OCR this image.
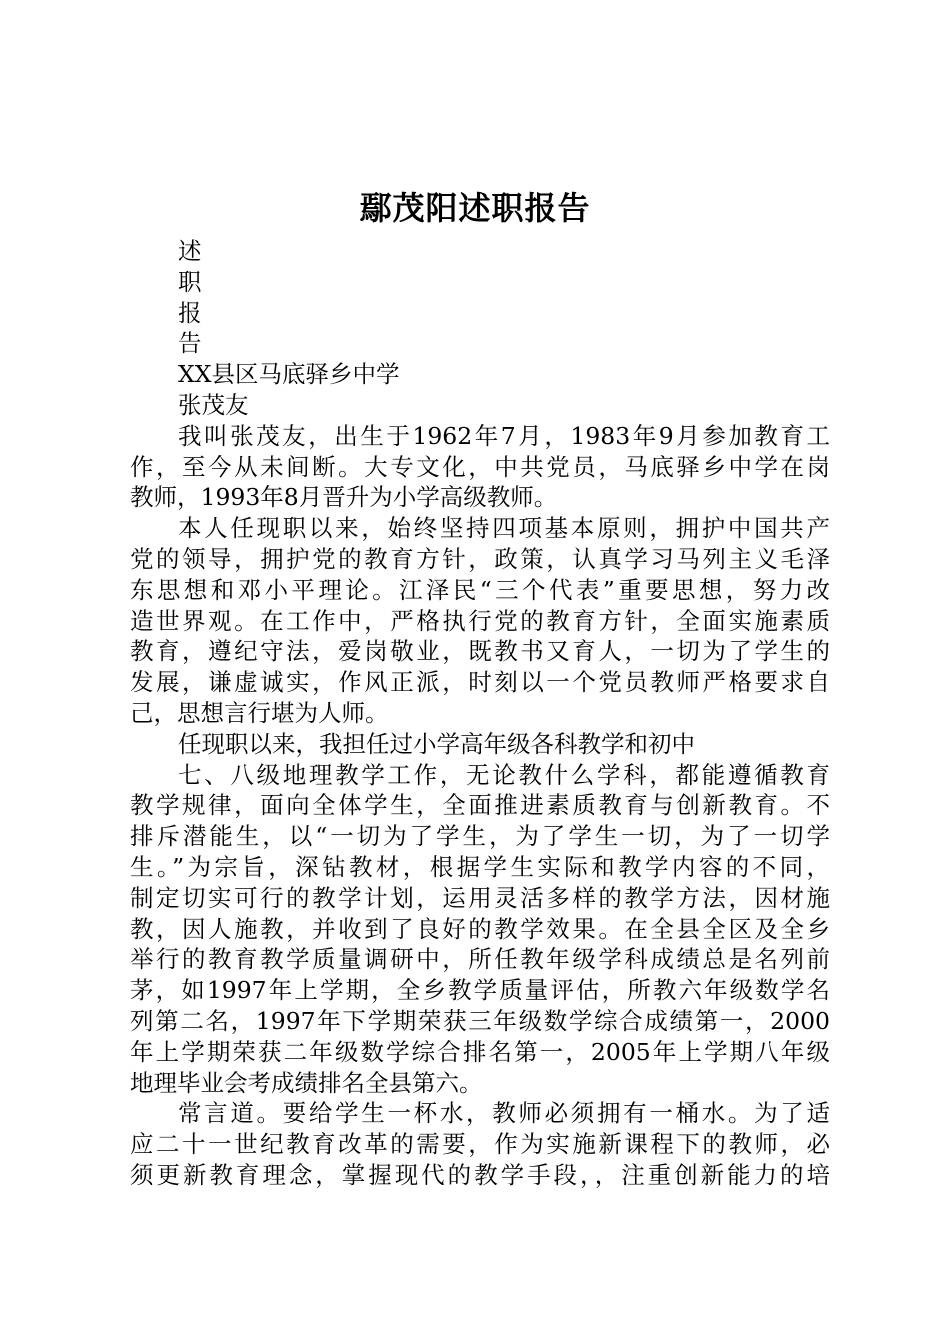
鄢茂阳述职报告
述
职
报
告
XX县区马底驿乡中学
张茂友
我叫张茂友，出生于1962年7月，1983年9月参加教育工
作，至今从未间断。大专文化，中共党员，马底驿乡中学在岗
教师，1993年8月晋升为小学高级教师。
本人任现职以来，始终坚持四项基本原则，拥护中国共产
党的领导，拥护党的教育方针，政策，认真学习马列主义毛泽
东思想和邓小平理论。江泽民“三个代表”重要思想，努力改
造世界观。在工作中，严格执行党的教育方针，全面实施素质
教育，遵纪守法，爱岗敬业，既教书又育人，一切为了学生的
发展，谦虚诚实，作风正派，时刻以一个党员教师严格要求自
己，思想言行堪为人师。
任现职以来，我担任过小学高年级各科教学和初中
七、八级地理教学工作，无论教什么学科，都能遵循教育
教学规律，面向全体学生，全面推进素质教育与创新教育。不
排斥潜能生，以“一切为了学生，为了学生一切，为了一切学
生。”为宗旨，深钻教材，根据学生实际和教学内容的不同，
制定切实可行的教学计划，运用灵活多样的教学方法，因材施
教，因人施教，并收到了良好的教学效果。在全县全区及全乡
举行的教育教学质量调研中，所任教年级学科成绩总是名列前
茅，如1997年上学期，全乡教学质量评估，所教六年级数学名
列第二名，1997年下学期荣获三年级数学综合成绩第一，2000
年上学期荣获二年级数学综合排名第一，2005年上学期八年级
地理毕业会考成绩排名全县第六。
常言道。要给学生一杯水，教师必须拥有一桶水。为了适
应二十一世纪教育改革的需要，作为实施新课程下的教师，必
须更新教育理念，掌握现代的教学手段，，注重创新能力的培
